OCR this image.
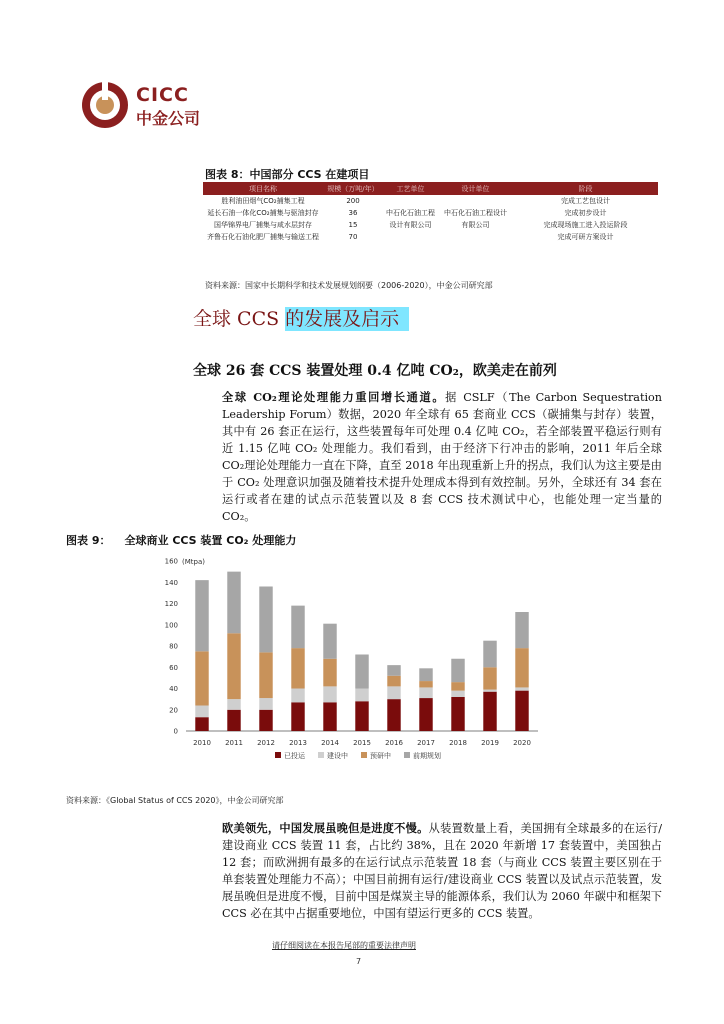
CICC
中金公司
图表 8：中国部分 CCS 在建项目
项目名称	规模（万吨/年）	工艺单位	设计单位	阶段
胜利油田烟气CO₂捕集工程	200			完成工艺包设计
延长石油一体化CO₂捕集与驱油封存	36	中石化石油工程	中石化石油工程设计	完成初步设计
国华锦界电厂捕集与咸水层封存	15	设计有限公司	有限公司	完成现场施工进入投运阶段
齐鲁石化石油化肥厂捕集与输送工程	70			完成可研方案设计
资料来源：国家中长期科学和技术发展规划纲要（2006-2020），中金公司研究部
全球 CCS 的发展及启示
全球 26 套 CCS 装置处理 0.4 亿吨 CO₂，欧美走在前列
全球 CO₂理论处理能力重回增长通道。据 CSLF（The Carbon Sequestration Leadership Forum）数据，2020 年全球有 65 套商业 CCS（碳捕集与封存）装置，其中有 26 套正在运行，这些装置每年可处理 0.4 亿吨 CO₂，若全部装置平稳运行则有近 1.15 亿吨 CO₂ 处理能力。我们看到，由于经济下行冲击的影响，2011 年后全球 CO₂理论处理能力一直在下降，直至 2018 年出现重新上升的拐点，我们认为这主要是由于 CO₂ 处理意识加强及随着技术提升处理成本得到有效控制。另外，全球还有 34 套在运行或者在建的试点示范装置以及 8 套 CCS 技术测试中心，也能处理一定当量的 CO₂。
图表 9： 全球商业 CCS 装置 CO₂ 处理能力
(Mtpa)
0
20
40
60
80
100
120
140
160
2010 2011 2012 2013 2014 2015 2016 2017 2018 2019 2020
已投运	建设中	预研中	前期规划
资料来源：《Global Status of CCS 2020》，中金公司研究部
欧美领先，中国发展虽晚但是进度不慢。从装置数量上看，美国拥有全球最多的在运行/建设商业 CCS 装置 11 套，占比约 38%，且在 2020 年新增 17 套装置中，美国独占 12 套；而欧洲拥有最多的在运行试点示范装置 18 套（与商业 CCS 装置主要区别在于单套装置处理能力不高）；中国目前拥有运行/建设商业 CCS 装置以及试点示范装置，发展虽晚但是进度不慢，目前中国是煤炭主导的能源体系，我们认为 2060 年碳中和框架下 CCS 必在其中占据重要地位，中国有望运行更多的 CCS 装置。
请仔细阅读在本报告尾部的重要法律声明
7
